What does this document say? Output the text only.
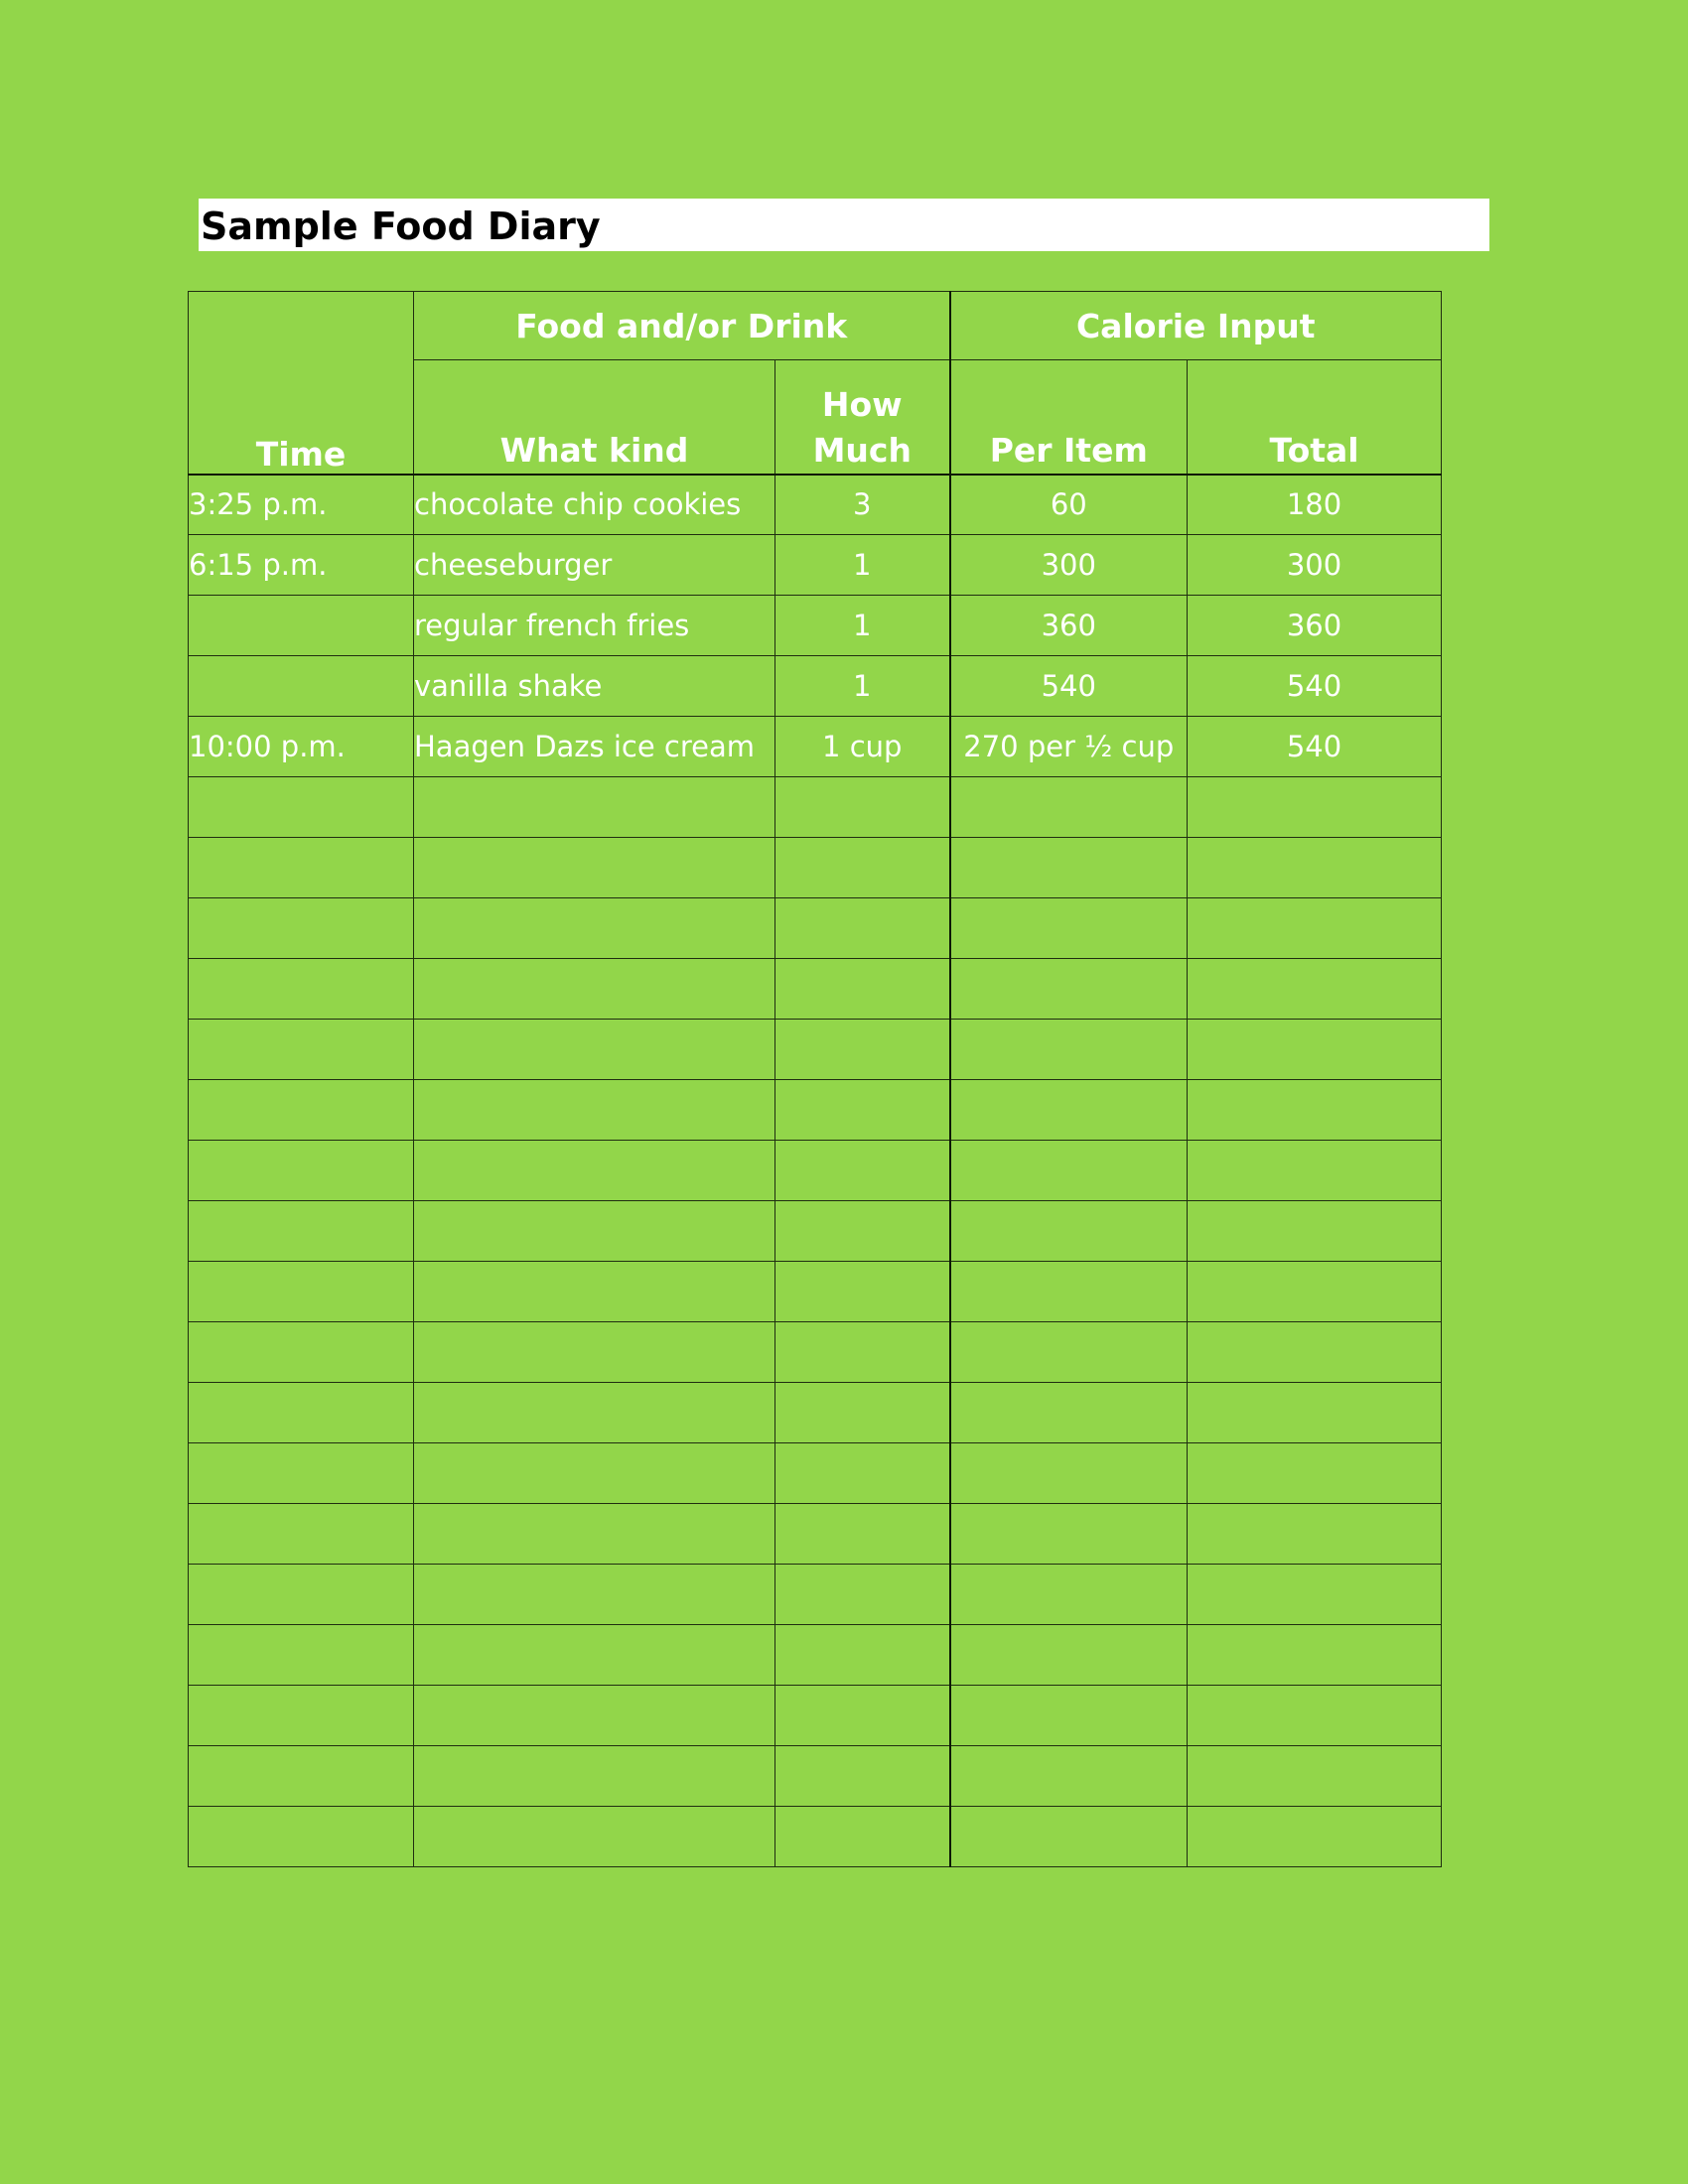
Sample Food Diary
Time	Food and/or Drink		Calorie Input	
	What kind	How Much	Per Item	Total
3:25 p.m.	chocolate chip cookies	3	60	180
6:15 p.m.	cheeseburger	1	300	300
	regular french fries	1	360	360
	vanilla shake	1	540	540
10:00 p.m.	Haagen Dazs ice cream	1 cup	270 per ½ cup	540
